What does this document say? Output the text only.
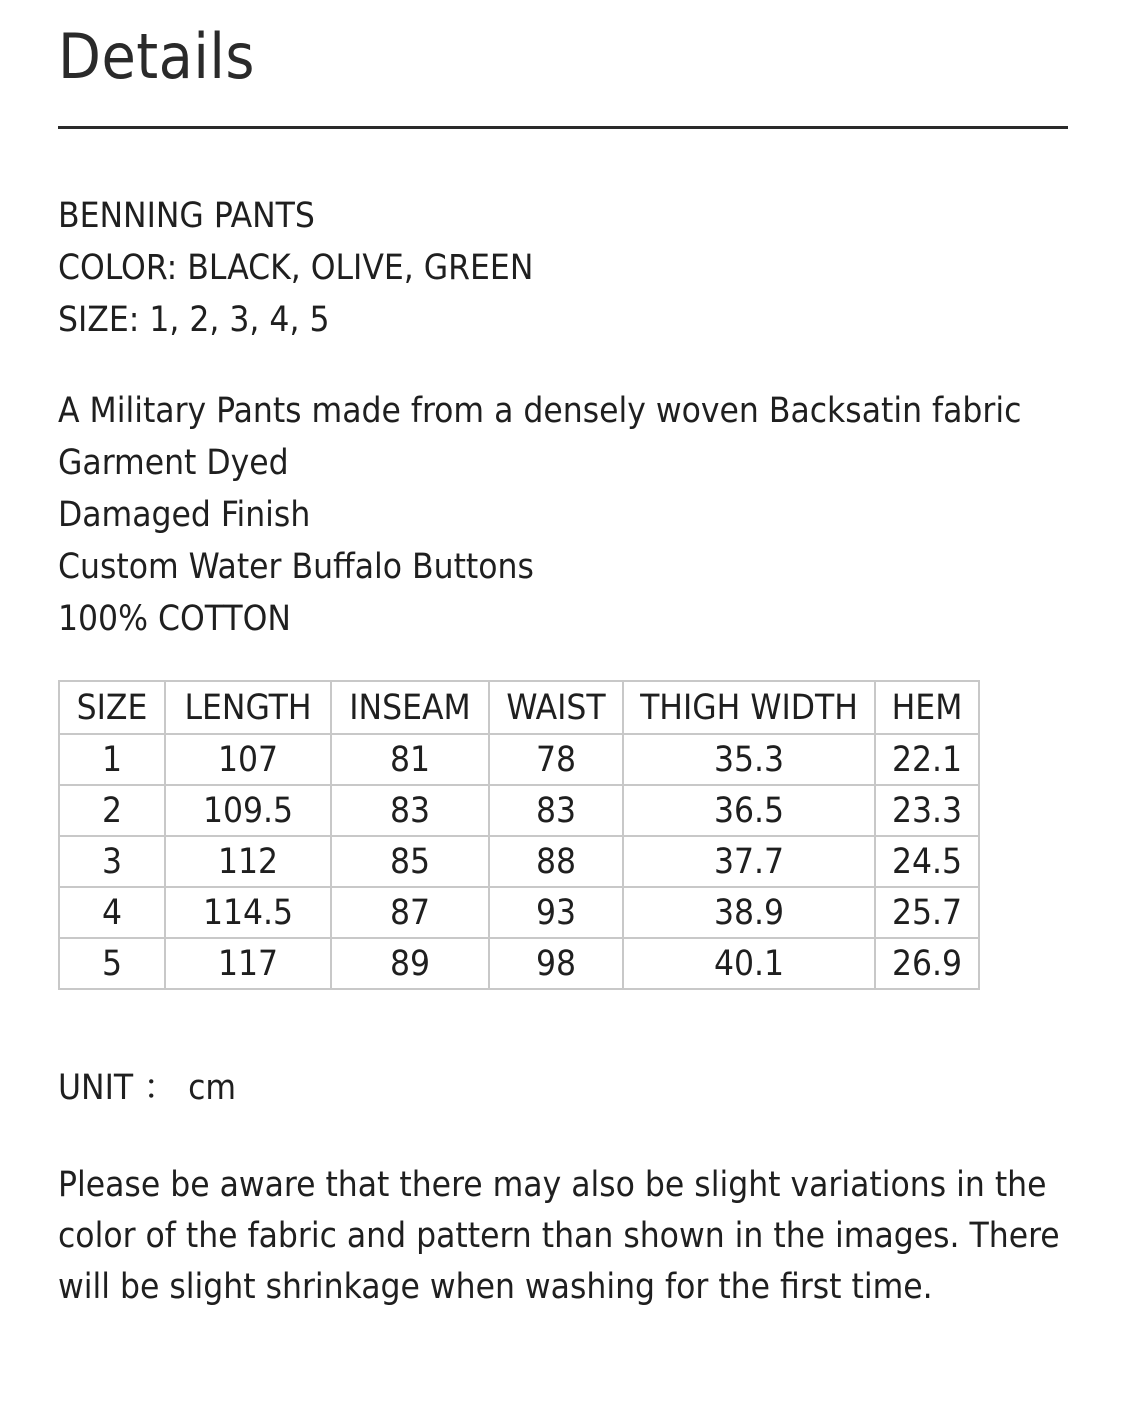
Details
BENNING PANTS
COLOR: BLACK, OLIVE, GREEN
SIZE: 1, 2, 3, 4, 5
A Military Pants made from a densely woven Backsatin fabric
Garment Dyed
Damaged Finish
Custom Water Buffalo Buttons
100% COTTON
SIZE	LENGTH	INSEAM	WAIST	THIGH WIDTH	HEM
1	107	81	78	35.3	22.1
2	109.5	83	83	36.5	23.3
3	112	85	88	37.7	24.5
4	114.5	87	93	38.9	25.7
5	117	89	98	40.1	26.9
UNIT ： cm
Please be aware that there may also be slight variations in the color of the fabric and pattern than shown in the images. There will be slight shrinkage when washing for the first time.
